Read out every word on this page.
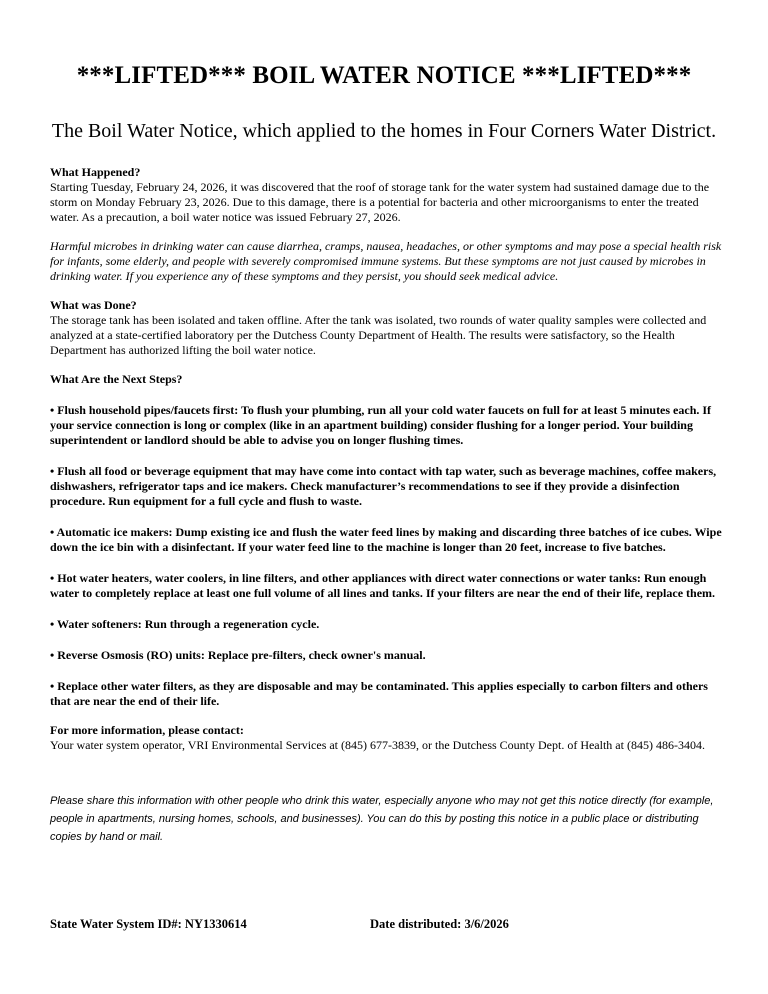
***LIFTED*** BOIL WATER NOTICE ***LIFTED***

The Boil Water Notice, which applied to the homes in Four Corners Water District.

What Happened?

Starting Tuesday, February 24, 2026, it was discovered that the roof of storage tank for the water system had sustained damage due to the storm on Monday February 23, 2026. Due to this damage, there is a potential for bacteria and other microorganisms to enter the treated water. As a precaution, a boil water notice was issued February 27, 2026.

Harmful microbes in drinking water can cause diarrhea, cramps, nausea, headaches, or other symptoms and may pose a special health risk for infants, some elderly, and people with severely compromised immune systems. But these symptoms are not just caused by microbes in drinking water. If you experience any of these symptoms and they persist, you should seek medical advice.

What was Done?

The storage tank has been isolated and taken offline. After the tank was isolated, two rounds of water quality samples were collected and analyzed at a state-certified laboratory per the Dutchess County Department of Health. The results were satisfactory, so the Health Department has authorized lifting the boil water notice.

What Are the Next Steps?

• Flush household pipes/faucets first: To flush your plumbing, run all your cold water faucets on full for at least 5 minutes each. If your service connection is long or complex (like in an apartment building) consider flushing for a longer period. Your building superintendent or landlord should be able to advise you on longer flushing times.

• Flush all food or beverage equipment that may have come into contact with tap water, such as beverage machines, coffee makers, dishwashers, refrigerator taps and ice makers. Check manufacturer’s recommendations to see if they provide a disinfection procedure. Run equipment for a full cycle and flush to waste.

• Automatic ice makers: Dump existing ice and flush the water feed lines by making and discarding three batches of ice cubes. Wipe down the ice bin with a disinfectant. If your water feed line to the machine is longer than 20 feet, increase to five batches.

• Hot water heaters, water coolers, in line filters, and other appliances with direct water connections or water tanks: Run enough water to completely replace at least one full volume of all lines and tanks. If your filters are near the end of their life, replace them.

• Water softeners: Run through a regeneration cycle.

• Reverse Osmosis (RO) units: Replace pre-filters, check owner's manual.

• Replace other water filters, as they are disposable and may be contaminated. This applies especially to carbon filters and others that are near the end of their life.

For more information, please contact:

Your water system operator, VRI Environmental Services at (845) 677-3839, or the Dutchess County Dept. of Health at (845) 486-3404.

Please share this information with other people who drink this water, especially anyone who may not get this notice directly (for example, people in apartments, nursing homes, schools, and businesses). You can do this by posting this notice in a public place or distributing copies by hand or mail.

State Water System ID#: NY1330614	Date distributed: 3/6/2026
